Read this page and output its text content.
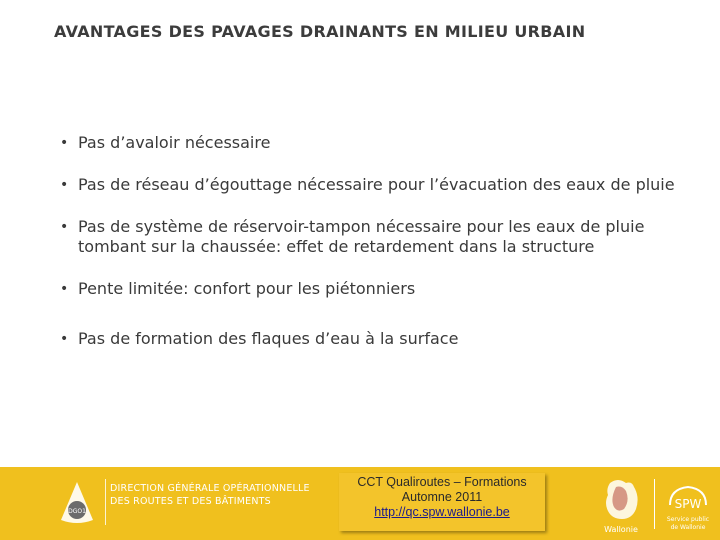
AVANTAGES DES PAVAGES DRAINANTS EN MILIEU URBAIN
• Pas d’avaloir nécessaire
• Pas de réseau d’égouttage nécessaire pour l’évacuation des eaux de pluie
• Pas de système de réservoir-tampon nécessaire pour les eaux de pluie tombant sur la chaussée: effet de retardement dans la structure
• Pente limitée: confort pour les piétonniers
• Pas de formation des flaques d’eau à la surface
DGO1
DIRECTION GÉNÉRALE OPÉRATIONNELLE
DES ROUTES ET DES BÂTIMENTS
CCT Qualiroutes – Formations
Automne 2011
http://qc.spw.wallonie.be
Wallonie
SPW
Service public
de Wallonie
